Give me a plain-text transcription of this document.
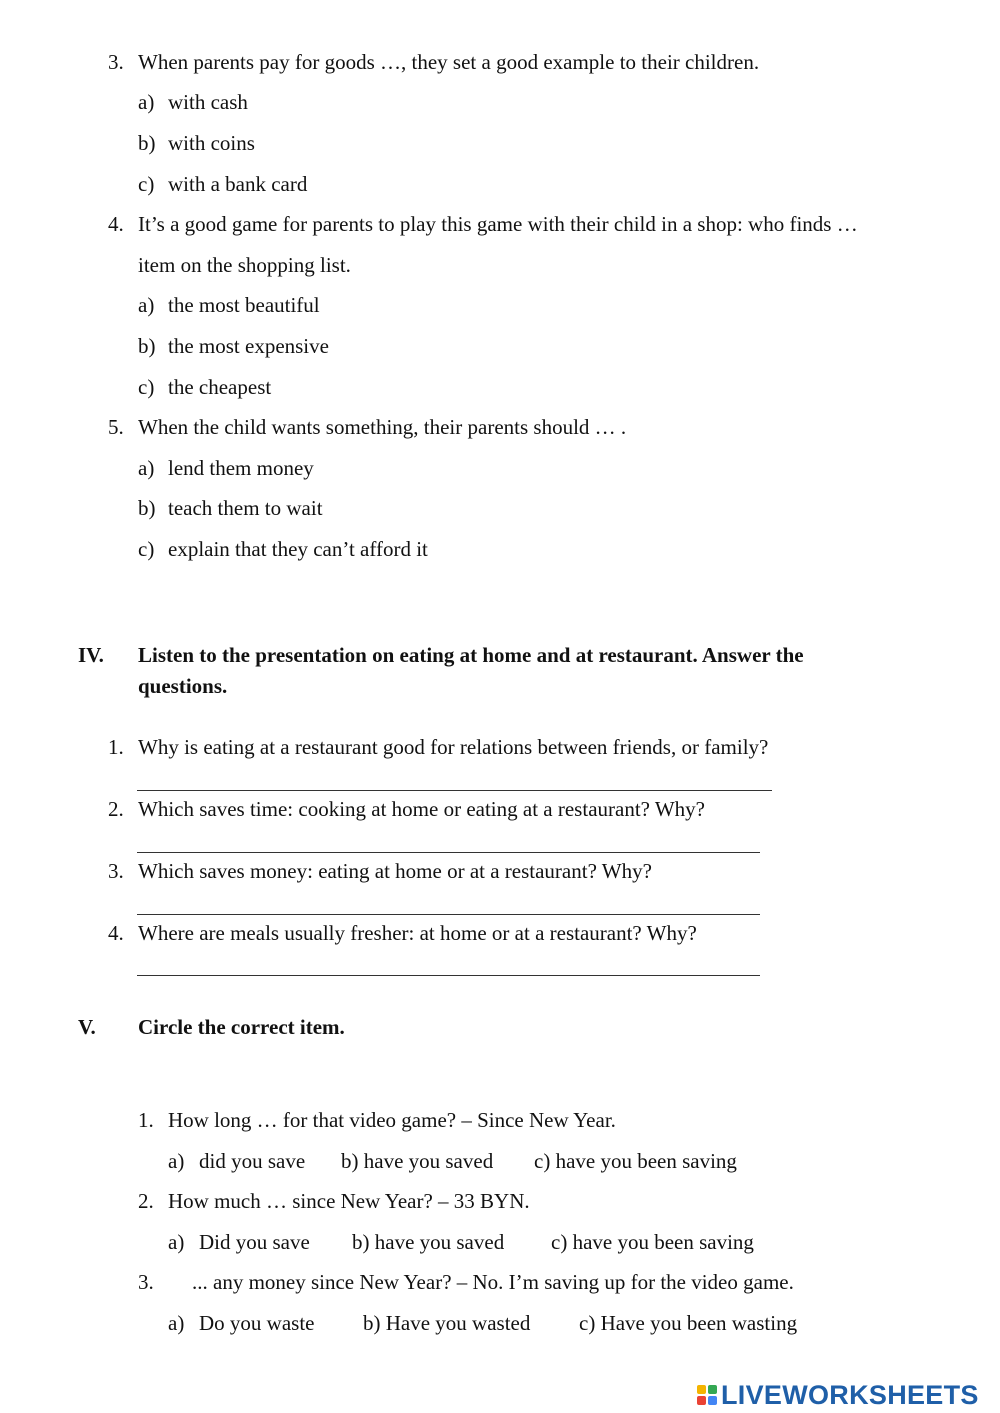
3. When parents pay for goods …, they set a good example to their children.
a) with cash
b) with coins
c) with a bank card
4. It’s a good game for parents to play this game with their child in a shop: who finds …
item on the shopping list.
a) the most beautiful
b) the most expensive
c) the cheapest
5. When the child wants something, their parents should … .
a) lend them money
b) teach them to wait
c) explain that they can’t afford it
IV. Listen to the presentation on eating at home and at restaurant. Answer the
questions.
1. Why is eating at a restaurant good for relations between friends, or family?
2. Which saves time: cooking at home or eating at a restaurant? Why?
3. Which saves money: eating at home or at a restaurant? Why?
4. Where are meals usually fresher: at home or at a restaurant? Why?
V. Circle the correct item.
1. How long … for that video game? – Since New Year.
a) did you save b) have you saved c) have you been saving
2. How much … since New Year? – 33 BYN.
a) Did you save b) have you saved c) have you been saving
3. ... any money since New Year? – No. I’m saving up for the video game.
a) Do you waste b) Have you wasted c) Have you been wasting
LIVEWORKSHEETS
